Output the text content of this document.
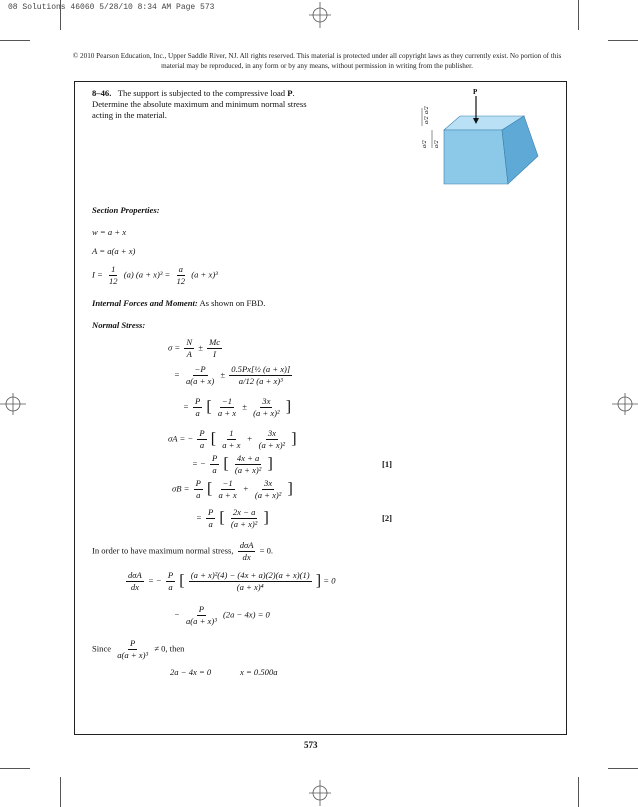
08 Solutions 46060 5/28/10 8:34 AM Page 573
© 2010 Pearson Education, Inc., Upper Saddle River, NJ. All rights reserved. This material is protected under all copyright laws as they currently exist. No portion of this material may be reproduced, in any form or by any means, without permission in writing from the publisher.
8–46. The support is subjected to the compressive load P. Determine the absolute maximum and minimum normal stress acting in the material.
P
a/2
a/2
a/2 a/2
Section Properties:
w = a + x
A = a(a + x)
$I = \frac{1}{12} (a) (a + x)^3 = \frac{a}{12} (a + x)^3$
Internal Forces and Moment: As shown on FBD.
Normal Stress:
$\sigma = \frac{N}{A} \pm \frac{Mc}{I}$
= $\frac{-P}{a(a + x)} \pm \frac{\text{0.5Px[½ (a + x)]}}{\text{a/12 (a + x)³}}$
= $\frac{P}{a}$ [ $\frac{-1}{a + x} \pm \frac{3x}{\text{(a + x)²}}$ ]
σA = − $\frac{P}{a}$ [ $\frac{1}{a + x} + \frac{3x}{\text{(a + x)²}}$ ]
= − $\frac{P}{a}$ [ $\frac{4x + a}{\text{(a + x)²}}$ ]	[1]
$\sigma B = \frac{P}{a}$ [ $\frac{-1}{a + x} + \frac{3x}{\text{(a + x)²}}$ ]
= $\frac{P}{a}$ [ $\frac{2x - a}{\text{(a + x)²}}$ ]	[2]
In order to have maximum normal stress, $\frac{\text{dσA}}{dx} = 0$.
$\frac{\text{dσA}}{dx}$ = − $\frac{P}{a}$ [ $\frac{\text{(a + x)²(4) − (4x + a)(2)(a + x)(1)}}{\text{(a + x)⁴}}$ ] = 0
− $\frac{P}{\text{a(a + x)³}} (2a - 4x) = 0$
Since $\frac{P}{\text{a(a + x)³}} \ne 0$, then
2a − 4x = 0	x = 0.500a
573
